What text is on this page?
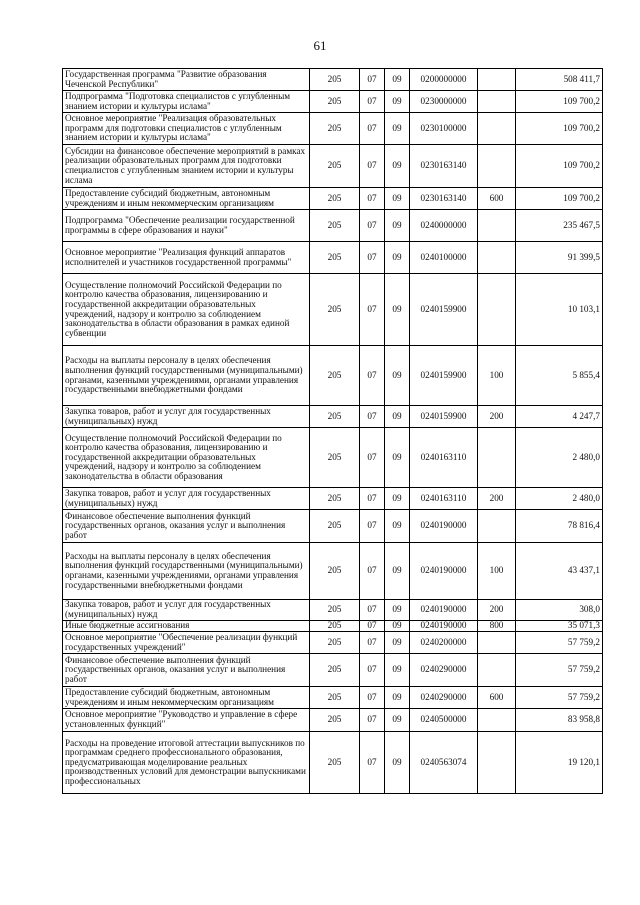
61
Государственная программа "Развитие образования Чеченской Республики"	205	07	09	0200000000		508 411,7
Подпрограмма "Подготовка специалистов с углубленным знанием истории и культуры ислама"	205	07	09	0230000000		109 700,2
Основное мероприятие "Реализация образовательных программ для подготовки специалистов с углубленным знанием истории и культуры ислама"	205	07	09	0230100000		109 700,2
Субсидии на финансовое обеспечение мероприятий в рамках реализации образовательных программ для подготовки специалистов с углубленным знанием истории и культуры ислама	205	07	09	0230163140		109 700,2
Предоставление субсидий бюджетным, автономным учреждениям и иным некоммерческим организациям	205	07	09	0230163140	600	109 700,2
Подпрограмма "Обеспечение реализации государственной программы в сфере образования и науки"	205	07	09	0240000000		235 467,5
Основное мероприятие "Реализация функций аппаратов исполнителей и участников государственной программы"	205	07	09	0240100000		91 399,5
Осуществление полномочий Российской Федерации по контролю качества образования, лицензированию и государственной аккредитации образовательных учреждений, надзору и контролю за соблюдением законодательства в области образования в рамках единой субвенции	205	07	09	0240159900		10 103,1
Расходы на выплаты персоналу в целях обеспечения выполнения функций государственными (муниципальными) органами, казенными учреждениями, органами управления государственными внебюджетными фондами	205	07	09	0240159900	100	5 855,4
Закупка товаров, работ и услуг для государственных (муниципальных) нужд	205	07	09	0240159900	200	4 247,7
Осуществление полномочий Российской Федерации по контролю качества образования, лицензированию и государственной аккредитации образовательных учреждений, надзору и контролю за соблюдением законодательства в области образования	205	07	09	0240163110		2 480,0
Закупка товаров, работ и услуг для государственных (муниципальных) нужд	205	07	09	0240163110	200	2 480,0
Финансовое обеспечение выполнения функций государственных органов, оказания услуг и выполнения работ	205	07	09	0240190000		78 816,4
Расходы на выплаты персоналу в целях обеспечения выполнения функций государственными (муниципальными) органами, казенными учреждениями, органами управления государственными внебюджетными фондами	205	07	09	0240190000	100	43 437,1
Закупка товаров, работ и услуг для государственных (муниципальных) нужд	205	07	09	0240190000	200	308,0
Иные бюджетные ассигнования	205	07	09	0240190000	800	35 071,3
Основное мероприятие "Обеспечение реализации функций государственных учреждений"	205	07	09	0240200000		57 759,2
Финансовое обеспечение выполнения функций государственных органов, оказания услуг и выполнения работ	205	07	09	0240290000		57 759,2
Предоставление субсидий бюджетным, автономным учреждениям и иным некоммерческим организациям	205	07	09	0240290000	600	57 759,2
Основное мероприятие "Руководство и управление в сфере установленных функций"	205	07	09	0240500000		83 958,8
Расходы на проведение итоговой аттестации выпускников по программам среднего профессионального образования, предусматривающая моделирование реальных производственных условий для демонстрации выпускниками профессиональных	205	07	09	0240563074		19 120,1
